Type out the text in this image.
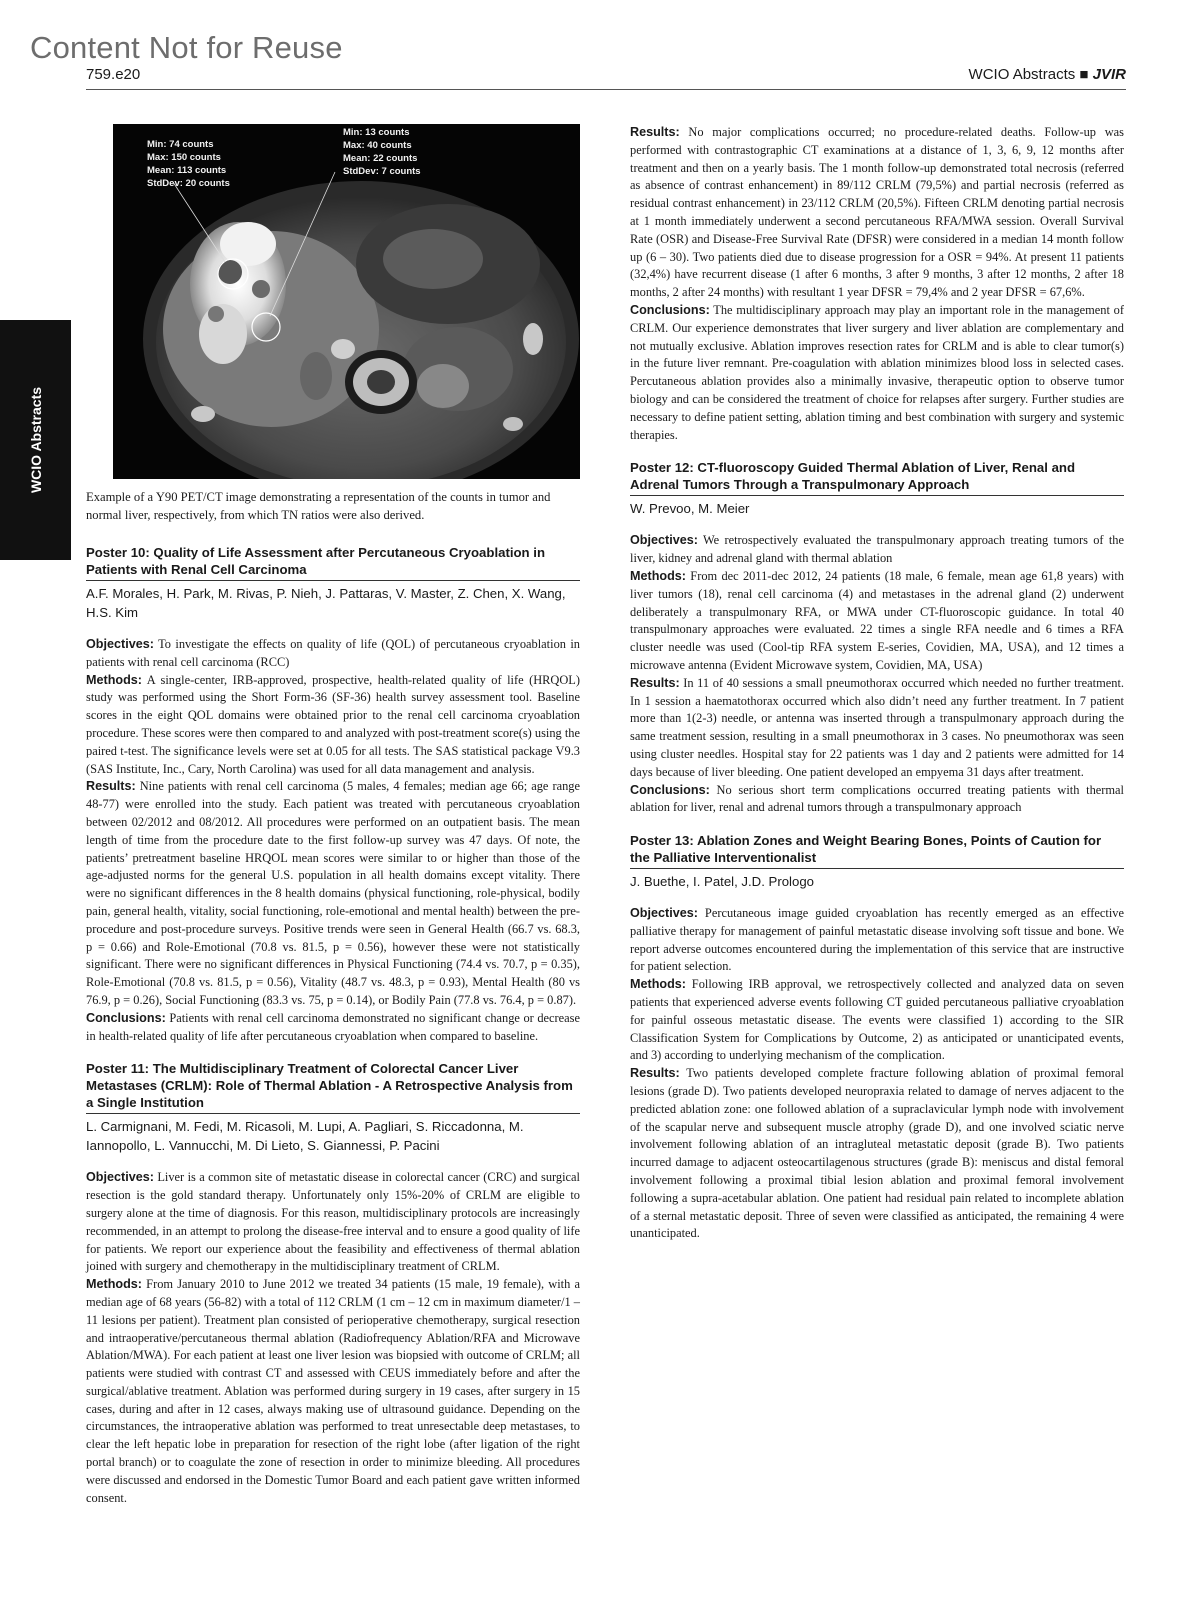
Content Not for Reuse
759.e20	WCIO Abstracts ■ JVIR
WCIO Abstracts
Min: 74 counts
Max: 150 counts
Mean: 113 counts
StdDev: 20 counts
Min: 13 counts
Max: 40 counts
Mean: 22 counts
StdDev: 7 counts
Example of a Y90 PET/CT image demonstrating a representation of the counts in tumor and normal liver, respectively, from which TN ratios were also derived.
Poster 10: Quality of Life Assessment after Percutaneous Cryoablation in Patients with Renal Cell Carcinoma
A.F. Morales, H. Park, M. Rivas, P. Nieh, J. Pattaras, V. Master, Z. Chen, X. Wang, H.S. Kim

Objectives: To investigate the effects on quality of life (QOL) of percutaneous cryoablation in patients with renal cell carcinoma (RCC)

Methods: A single-center, IRB-approved, prospective, health-related quality of life (HRQOL) study was performed using the Short Form-36 (SF-36) health survey assessment tool. Baseline scores in the eight QOL domains were obtained prior to the renal cell carcinoma cryoablation procedure. These scores were then compared to and analyzed with post-treatment score(s) using the paired t-test. The significance levels were set at 0.05 for all tests. The SAS statistical package V9.3 (SAS Institute, Inc., Cary, North Carolina) was used for all data management and analysis.

Results: Nine patients with renal cell carcinoma (5 males, 4 females; median age 66; age range 48-77) were enrolled into the study. Each patient was treated with percutaneous cryoablation between 02/2012 and 08/2012. All procedures were performed on an outpatient basis. The mean length of time from the procedure date to the first follow-up survey was 47 days. Of note, the patients’ pretreatment baseline HRQOL mean scores were similar to or higher than those of the age-adjusted norms for the general U.S. population in all health domains except vitality. There were no significant differences in the 8 health domains (physical functioning, role-physical, bodily pain, general health, vitality, social functioning, role-emotional and mental health) between the pre-procedure and post-procedure surveys. Positive trends were seen in General Health (66.7 vs. 68.3, p = 0.66) and Role-Emotional (70.8 vs. 81.5, p = 0.56), however these were not statistically significant. There were no significant differences in Physical Functioning (74.4 vs. 70.7, p = 0.35), Role-Emotional (70.8 vs. 81.5, p = 0.56), Vitality (48.7 vs. 48.3, p = 0.93), Mental Health (80 vs 76.9, p = 0.26), Social Functioning (83.3 vs. 75, p = 0.14), or Bodily Pain (77.8 vs. 76.4, p = 0.87).

Conclusions: Patients with renal cell carcinoma demonstrated no significant change or decrease in health-related quality of life after percutaneous cryoablation when compared to baseline.

Poster 11: The Multidisciplinary Treatment of Colorectal Cancer Liver Metastases (CRLM): Role of Thermal Ablation - A Retrospective Analysis from a Single Institution
L. Carmignani, M. Fedi, M. Ricasoli, M. Lupi, A. Pagliari, S. Riccadonna, M. Iannopollo, L. Vannucchi, M. Di Lieto, S. Giannessi, P. Pacini

Objectives: Liver is a common site of metastatic disease in colorectal cancer (CRC) and surgical resection is the gold standard therapy. Unfortunately only 15%-20% of CRLM are eligible to surgery alone at the time of diagnosis. For this reason, multidisciplinary protocols are increasingly recommended, in an attempt to prolong the disease-free interval and to ensure a good quality of life for patients. We report our experience about the feasibility and effectiveness of thermal ablation joined with surgery and chemotherapy in the multidisciplinary treatment of CRLM.

Methods: From January 2010 to June 2012 we treated 34 patients (15 male, 19 female), with a median age of 68 years (56-82) with a total of 112 CRLM (1 cm – 12 cm in maximum diameter/1 – 11 lesions per patient). Treatment plan consisted of perioperative chemotherapy, surgical resection and intraoperative/percutaneous thermal ablation (Radiofrequency Ablation/RFA and Microwave Ablation/MWA). For each patient at least one liver lesion was biopsied with outcome of CRLM; all patients were studied with contrast CT and assessed with CEUS immediately before and after the surgical/ablative treatment. Ablation was performed during surgery in 19 cases, after surgery in 15 cases, during and after in 12 cases, always making use of ultrasound guidance. Depending on the circumstances, the intraoperative ablation was performed to treat unresectable deep metastases, to clear the left hepatic lobe in preparation for resection of the right lobe (after ligation of the right portal branch) or to coagulate the zone of resection in order to minimize bleeding. All procedures were discussed and endorsed in the Domestic Tumor Board and each patient gave written informed consent.

Results: No major complications occurred; no procedure-related deaths. Follow-up was performed with contrastographic CT examinations at a distance of 1, 3, 6, 9, 12 months after treatment and then on a yearly basis. The 1 month follow-up demonstrated total necrosis (referred as absence of contrast enhancement) in 89/112 CRLM (79,5%) and partial necrosis (referred as residual contrast enhancement) in 23/112 CRLM (20,5%). Fifteen CRLM denoting partial necrosis at 1 month immediately underwent a second percutaneous RFA/MWA session. Overall Survival Rate (OSR) and Disease-Free Survival Rate (DFSR) were considered in a median 14 month follow up (6 – 30). Two patients died due to disease progression for a OSR = 94%. At present 11 patients (32,4%) have recurrent disease (1 after 6 months, 3 after 9 months, 3 after 12 months, 2 after 18 months, 2 after 24 months) with resultant 1 year DFSR = 79,4% and 2 year DFSR = 67,6%.

Conclusions: The multidisciplinary approach may play an important role in the management of CRLM. Our experience demonstrates that liver surgery and liver ablation are complementary and not mutually exclusive. Ablation improves resection rates for CRLM and is able to clear tumor(s) in the future liver remnant. Pre-coagulation with ablation minimizes blood loss in selected cases. Percutaneous ablation provides also a minimally invasive, therapeutic option to observe tumor biology and can be considered the treatment of choice for relapses after surgery. Further studies are necessary to define patient setting, ablation timing and best combination with surgery and systemic therapies.

Poster 12: CT-fluoroscopy Guided Thermal Ablation of Liver, Renal and Adrenal Tumors Through a Transpulmonary Approach
W. Prevoo, M. Meier

Objectives: We retrospectively evaluated the transpulmonary approach treating tumors of the liver, kidney and adrenal gland with thermal ablation

Methods: From dec 2011-dec 2012, 24 patients (18 male, 6 female, mean age 61,8 years) with liver tumors (18), renal cell carcinoma (4) and metastases in the adrenal gland (2) underwent deliberately a transpulmonary RFA, or MWA under CT-fluoroscopic guidance. In total 40 transpulmonary approaches were evaluated. 22 times a single RFA needle and 6 times a RFA cluster needle was used (Cool-tip RFA system E-series, Covidien, MA, USA), and 12 times a microwave antenna (Evident Microwave system, Covidien, MA, USA)

Results: In 11 of 40 sessions a small pneumothorax occurred which needed no further treatment. In 1 session a haematothorax occurred which also didn’t need any further treatment. In 7 patient more than 1(2-3) needle, or antenna was inserted through a transpulmonary approach during the same treatment session, resulting in a small pneumothorax in 3 cases. No pneumothorax was seen using cluster needles. Hospital stay for 22 patients was 1 day and 2 patients were admitted for 14 days because of liver bleeding. One patient developed an empyema 31 days after treatment.

Conclusions: No serious short term complications occurred treating patients with thermal ablation for liver, renal and adrenal tumors through a transpulmonary approach

Poster 13: Ablation Zones and Weight Bearing Bones, Points of Caution for the Palliative Interventionalist
J. Buethe, I. Patel, J.D. Prologo

Objectives: Percutaneous image guided cryoablation has recently emerged as an effective palliative therapy for management of painful metastatic disease involving soft tissue and bone. We report adverse outcomes encountered during the implementation of this service that are instructive for patient selection.

Methods: Following IRB approval, we retrospectively collected and analyzed data on seven patients that experienced adverse events following CT guided percutaneous palliative cryoablation for painful osseous metastatic disease. The events were classified 1) according to the SIR Classification System for Complications by Outcome, 2) as anticipated or unanticipated events, and 3) according to underlying mechanism of the complication.

Results: Two patients developed complete fracture following ablation of proximal femoral lesions (grade D). Two patients developed neuropraxia related to damage of nerves adjacent to the predicted ablation zone: one followed ablation of a supraclavicular lymph node with involvement of the scapular nerve and subsequent muscle atrophy (grade D), and one involved sciatic nerve involvement following ablation of an intragluteal metastatic deposit (grade B). Two patients incurred damage to adjacent osteocartilagenous structures (grade B): meniscus and distal femoral involvement following a proximal tibial lesion ablation and proximal femoral involvement following a supra-acetabular ablation. One patient had residual pain related to incomplete ablation of a sternal metastatic deposit. Three of seven were classified as anticipated, the remaining 4 were unanticipated.
